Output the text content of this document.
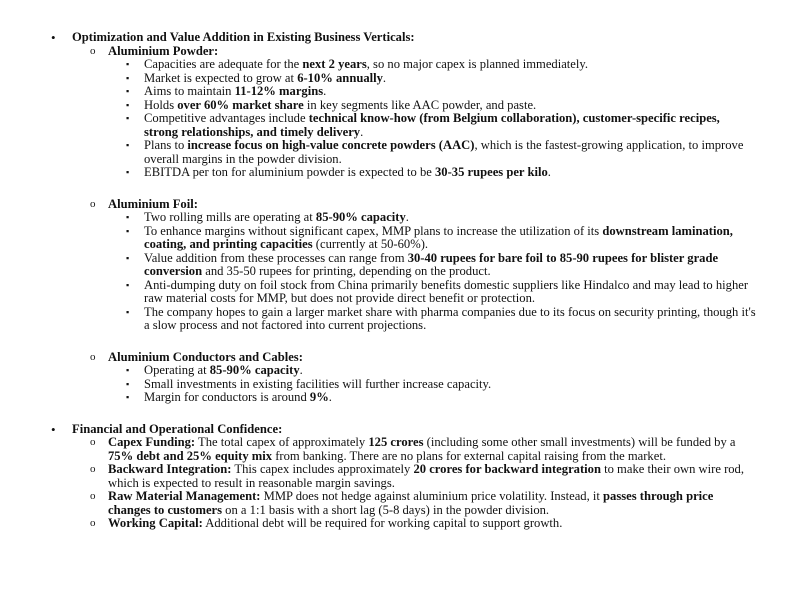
• Optimization and Value Addition in Existing Business Verticals:
o Aluminium Powder:
▪ Capacities are adequate for the next 2 years, so no major capex is planned immediately.
▪ Market is expected to grow at 6-10% annually.
▪ Aims to maintain 11-12% margins.
▪ Holds over 60% market share in key segments like AAC powder, and paste.
▪ Competitive advantages include technical know-how (from Belgium collaboration), customer-specific recipes, strong relationships, and timely delivery.
▪ Plans to increase focus on high-value concrete powders (AAC), which is the fastest-growing application, to improve overall margins in the powder division.
▪ EBITDA per ton for aluminium powder is expected to be 30-35 rupees per kilo.
o Aluminium Foil:
▪ Two rolling mills are operating at 85-90% capacity.
▪ To enhance margins without significant capex, MMP plans to increase the utilization of its downstream lamination, coating, and printing capacities (currently at 50-60%).
▪ Value addition from these processes can range from 30-40 rupees for bare foil to 85-90 rupees for blister grade conversion and 35-50 rupees for printing, depending on the product.
▪ Anti-dumping duty on foil stock from China primarily benefits domestic suppliers like Hindalco and may lead to higher raw material costs for MMP, but does not provide direct benefit or protection.
▪ The company hopes to gain a larger market share with pharma companies due to its focus on security printing, though it's a slow process and not factored into current projections.
o Aluminium Conductors and Cables:
▪ Operating at 85-90% capacity.
▪ Small investments in existing facilities will further increase capacity.
▪ Margin for conductors is around 9%.
• Financial and Operational Confidence:
o Capex Funding: The total capex of approximately 125 crores (including some other small investments) will be funded by a 75% debt and 25% equity mix from banking. There are no plans for external capital raising from the market.
o Backward Integration: This capex includes approximately 20 crores for backward integration to make their own wire rod, which is expected to result in reasonable margin savings.
o Raw Material Management: MMP does not hedge against aluminium price volatility. Instead, it passes through price changes to customers on a 1:1 basis with a short lag (5-8 days) in the powder division.
o Working Capital: Additional debt will be required for working capital to support growth.
